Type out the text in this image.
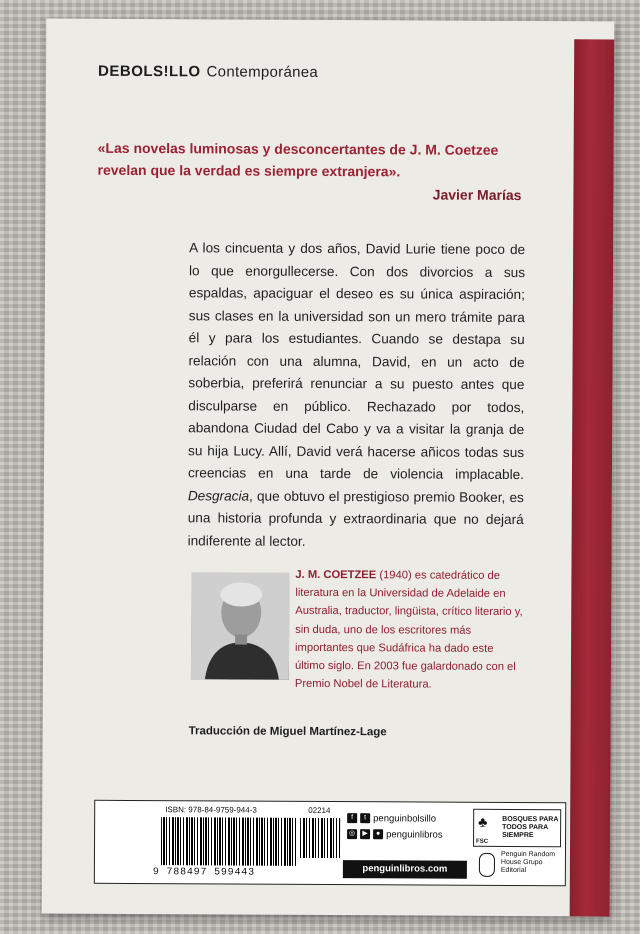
DEBOLS!LLO Contemporánea
«Las novelas luminosas y desconcertantes de J. M. Coetzee revelan que la verdad es siempre extranjera».
Javier Marías
A los cincuenta y dos años, David Lurie tiene poco de lo que enorgullecerse. Con dos divorcios a sus espaldas, apaciguar el deseo es su única aspiración; sus clases en la universidad son un mero trámite para él y para los estudiantes. Cuando se destapa su relación con una alumna, David, en un acto de soberbia, preferirá renunciar a su puesto antes que disculparse en público. Rechazado por todos, abandona Ciudad del Cabo y va a visitar la granja de su hija Lucy. Allí, David verá hacerse añicos todas sus creencias en una tarde de violencia implacable. Desgracia, que obtuvo el prestigioso premio Booker, es una historia profunda y extraordinaria que no dejará indiferente al lector.
J. M. COETZEE (1940) es catedrático de literatura en la Universidad de Adelaide en Australia, traductor, lingüista, crítico literario y, sin duda, uno de los escritores más importantes que Sudáfrica ha dado este último siglo. En 2003 fue galardonado con el Premio Nobel de Literatura.
Traducción de Miguel Martínez-Lage
ISBN: 978-84-9759-944-3	02214
9 788497 599443
f	t penguinbolsillo
◎	▶	● penguinlibros
penguinlibros.com
♣
FSC
BOSQUES PARA TODOS PARA SIEMPRE
Penguin Random House Grupo Editorial
